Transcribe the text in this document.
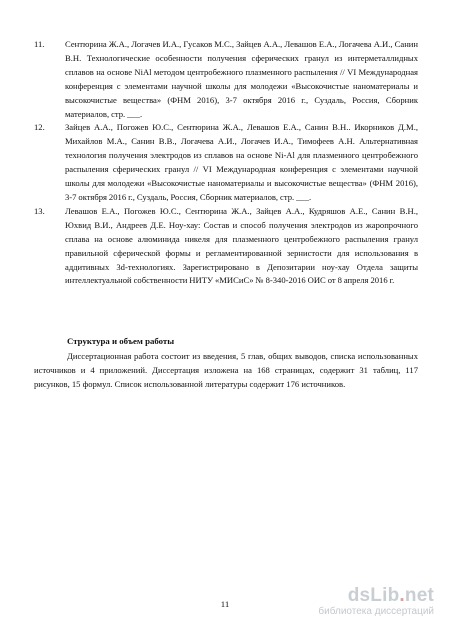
11.	Сентюрина Ж.А., Логачев И.А., Гусаков М.С., Зайцев А.А., Левашов Е.А., Логачева А.И., Санин В.Н. Технологические особенности получения сферических гранул из интерметаллидных сплавов на основе NiAl методом центробежного плазменного распыления // VI Международная конференция с элементами научной школы для молодежи «Высокочистые наноматериалы и высокочистые вещества» (ФНМ 2016), 3-7 октября 2016 г., Суздаль, Россия, Сборник материалов, стр. ___.
12.	Зайцев А.А., Погожев Ю.С., Сентюрина Ж.А., Левашов Е.А., Санин В.Н.. Икорников Д.М., Михайлов М.А., Санин В.В., Логачева А.И., Логачев И.А., Тимофеев А.Н. Альтернативная технология получения электродов из сплавов на основе Ni-Al для плазменного центробежного распыления сферических гранул // VI Международная конференция с элементами научной школы для молодежи «Высокочистые наноматериалы и высокочистые вещества» (ФНМ 2016), 3-7 октября 2016 г., Суздаль, Россия, Сборник материалов, стр. ___.
13.	Левашов Е.А., Погожев Ю.С., Сентюрина Ж.А., Зайцев А.А., Кудряшов А.Е., Санин В.Н., Юхвид В.И., Андреев Д.Е. Ноу-хау: Состав и способ получения электродов из жаропрочного сплава на основе алюминида никеля для плазменного центробежного распыления гранул правильной сферической формы и регламентированной зернистости для использования в аддитивных 3d-технологиях. Зарегистрировано в Депозитарии ноу-хау Отдела защиты интеллектуальной собственности НИТУ «МИСиС» № 8-340-2016 ОИС от 8 апреля 2016 г.
Структура и объем работы

Диссертационная работа состоит из введения, 5 глав, общих выводов, списка использованных источников и 4 приложений. Диссертация изложена на 168 страницах, содержит 31 таблиц, 117 рисунков, 15 формул. Список использованной литературы содержит 176 источников.

11	dsLib.net
библиотека диссертаций
